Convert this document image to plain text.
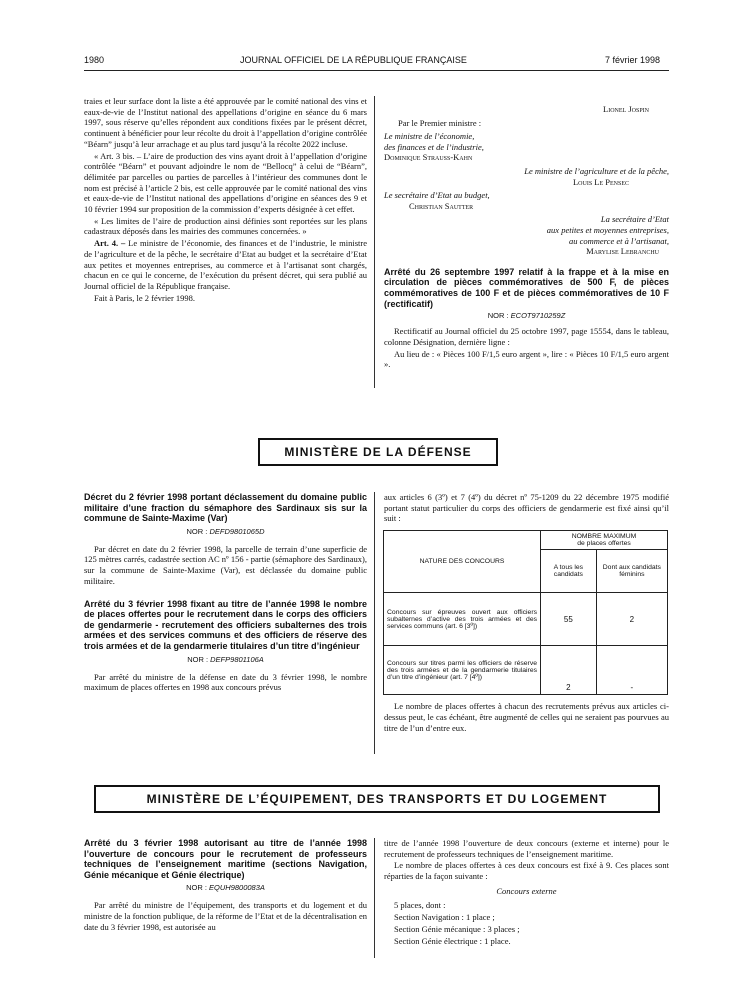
1980	JOURNAL OFFICIEL DE LA RÉPUBLIQUE FRANÇAISE	7 février 1998

traies et leur surface dont la liste a été approuvée par le comité national des vins et eaux-de-vie de l’Institut national des appellations d’origine en séance du 6 mars 1997, sous réserve qu’elles répondent aux conditions fixées par le présent décret, continuent à bénéficier pour leur récolte du droit à l’appellation d’origine contrôlée “Béarn” jusqu’à leur arrachage et au plus tard jusqu’à la récolte 2022 incluse.

« Art. 3 bis. – L’aire de production des vins ayant droit à l’appellation d’origine contrôlée “Béarn” et pouvant adjoindre le nom de “Bellocq” à celui de “Béarn”, délimitée par parcelles ou parties de parcelles à l’intérieur des communes dont le nom est précisé à l’article 2 bis, est celle approuvée par le comité national des vins et eaux-de-vie de l’Institut national des appellations d’origine en séances des 9 et 10 février 1994 sur proposition de la commission d’experts désignée à cet effet.

« Les limites de l’aire de production ainsi définies sont reportées sur les plans cadastraux déposés dans les mairies des communes concernées. »

Art. 4. – Le ministre de l’économie, des finances et de l’industrie, le ministre de l’agriculture et de la pêche, le secrétaire d’Etat au budget et la secrétaire d’Etat aux petites et moyennes entreprises, au commerce et à l’artisanat sont chargés, chacun en ce qui le concerne, de l’exécution du présent décret, qui sera publié au Journal officiel de la République française.

Fait à Paris, le 2 février 1998.

Lionel Jospin
Par le Premier ministre :
Le ministre de l’économie,
des finances et de l’industrie,
Dominique Strauss-Kahn
Le ministre de l’agriculture et de la pêche,
Louis Le Pensec
Le secrétaire d’Etat au budget,
Christian Sautter
La secrétaire d’Etat
aux petites et moyennes entreprises,
au commerce et à l’artisanat,
Marylise Lebranchu
Arrêté du 26 septembre 1997 relatif à la frappe et à la mise en circulation de pièces commémoratives de 500 F, de pièces commémoratives de 100 F et de pièces commémoratives de 10 F (rectificatif)
NOR : ECOT9710259Z

Rectificatif au Journal officiel du 25 octobre 1997, page 15554, dans le tableau, colonne Désignation, dernière ligne :

Au lieu de : « Pièces 100 F/1,5 euro argent », lire : « Pièces 10 F/1,5 euro argent ».

MINISTÈRE DE LA DÉFENSE
Décret du 2 février 1998 portant déclassement du domaine public militaire d’une fraction du sémaphore des Sardinaux sis sur la commune de Sainte-Maxime (Var)
NOR : DEFD9801065D

Par décret en date du 2 février 1998, la parcelle de terrain d’une superficie de 125 mètres carrés, cadastrée section AC nº 156 - partie (sémaphore des Sardinaux), sur la commune de Sainte-Maxime (Var), est déclassée du domaine public militaire.

Arrêté du 3 février 1998 fixant au titre de l’année 1998 le nombre de places offertes pour le recrutement dans le corps des officiers de gendarmerie - recrutement des officiers subalternes des trois armées et des services communs et des officiers de réserve des trois armées et de la gendarmerie titulaires d’un titre d’ingénieur
NOR : DEFP9801106A

Par arrêté du ministre de la défense en date du 3 février 1998, le nombre maximum de places offertes en 1998 aux concours prévus

aux articles 6 (3º) et 7 (4º) du décret nº 75-1209 du 22 décembre 1975 modifié portant statut particulier du corps des officiers de gendarmerie est fixé ainsi qu’il suit :

NATURE DES CONCOURS	NOMBRE MAXIMUM
de places offertes	

	A tous les candidats	Dont aux candidats féminins
Concours sur épreuves ouvert aux officiers subalternes d’active des trois armées et des services communs (art. 6 [3º])	55	2
Concours sur titres parmi les officiers de réserve des trois armées et de la gendarmerie titulaires d’un titre d’ingénieur (art. 7 [4º])	2	-

Le nombre de places offertes à chacun des recrutements prévus aux articles ci-dessus peut, le cas échéant, être augmenté de celles qui ne seraient pas pourvues au titre de l’un d’entre eux.

MINISTÈRE DE L’ÉQUIPEMENT, DES TRANSPORTS ET DU LOGEMENT
Arrêté du 3 février 1998 autorisant au titre de l’année 1998 l’ouverture de concours pour le recrutement de professeurs techniques de l’enseignement maritime (sections Navigation, Génie mécanique et Génie électrique)
NOR : EQUH9800083A

Par arrêté du ministre de l’équipement, des transports et du logement et du ministre de la fonction publique, de la réforme de l’Etat et de la décentralisation en date du 3 février 1998, est autorisée au

titre de l’année 1998 l’ouverture de deux concours (externe et interne) pour le recrutement de professeurs techniques de l’enseignement maritime.

Le nombre de places offertes à ces deux concours est fixé à 9. Ces places sont réparties de la façon suivante :

Concours externe

5 places, dont :

Section Navigation : 1 place ;

Section Génie mécanique : 3 places ;

Section Génie électrique : 1 place.
